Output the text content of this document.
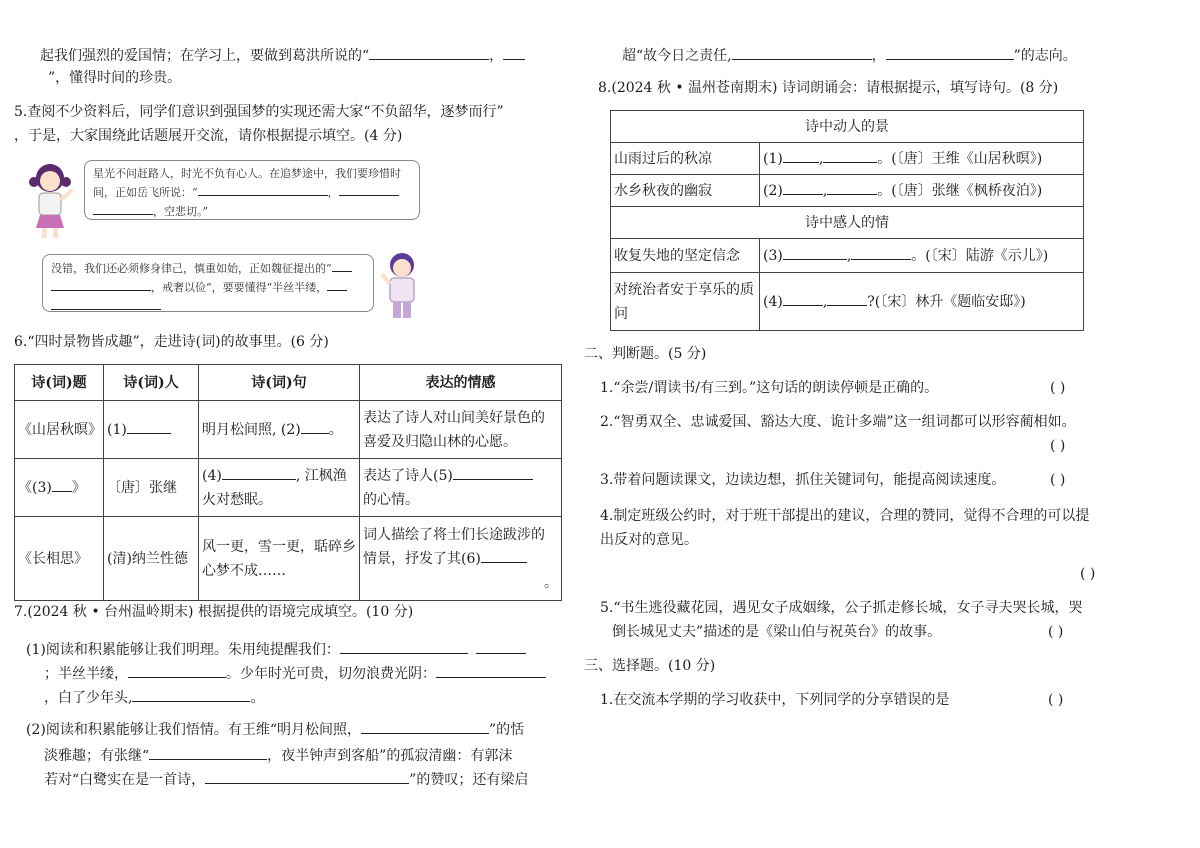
起我们强烈的爱国情；在学习上，要做到葛洪所说的“	，
”，懂得时间的珍贵。
5.查阅不少资料后，同学们意识到强国梦的实现还需大家“不负韶华，逐梦而行”
，于是，大家围绕此话题展开交流，请你根据提示填空。(4 分)
星光不问赶路人，时光不负有心人。在追梦途中，我们要珍惜时
间，正如岳飞所说：“	，
，空悲切。”
没错，我们还必须修身律己，慎重如始，正如魏征提出的“
，戒奢以俭”，要要懂得“半丝半缕，
6.“四时景物皆成趣”，走进诗(词)的故事里。(6 分)
诗(词)题	诗(词)人	诗(词)句	表达的情感
《山居秋暝》	(1)	明月松间照, (2) 。	表达了诗人对山间美好景色的喜爱及归隐山林的心愿。
《(3) 》	〔唐〕张继	(4) , 江枫渔火对愁眠。	表达了诗人(5)
的心情。
《长相思》	(清)纳兰性德	风一更，雪一更，聒碎乡心梦不成……	词人描绘了将士们长途跋涉的情景，抒发了其(6)
。
7.(2024 秋 • 台州温岭期末) 根据提供的语境完成填空。(10 分)
(1)阅读和积累能够让我们明理。朱用纯提醒我们：
；半丝半缕，	。少年时光可贵，切勿浪费光阴：
，白了少年头,	。
(2)阅读和积累能够让我们悟情。有王维“明月松间照，	”的恬
淡雅趣；有张继“	，夜半钟声到客船”的孤寂清幽：有郭沫
若对“白鹭实在是一首诗，	”的赞叹；还有梁启
超“故今日之责任,	，	”的志向。
8.(2024 秋 • 温州苍南期末) 诗词朗诵会：请根据提示，填写诗句。(8 分)
诗中动人的景	
山雨过后的秋凉	(1) , 。(〔唐〕王维《山居秋暝》)
水乡秋夜的幽寂	(2) , 。(〔唐〕张继《枫桥夜泊》)
诗中感人的情	
收复失地的坚定信念	(3) , 。(〔宋〕陆游《示儿》)
对统治者安于享乐的质问	(4) , ?(〔宋〕林升《题临安邸》)
二、判断题。(5 分)
1.“余尝/谓读书/有三到。”这句话的朗读停顿是正确的。	( )
2.“智勇双全、忠诚爱国、豁达大度、诡计多端”这一组词都可以形容蔺相如。
( )
3.带着问题读课文，边读边想，抓住关键词句，能提高阅读速度。	( )
4.制定班级公约时，对于班干部提出的建议，合理的赞同，觉得不合理的可以提
出反对的意见。
( )
5.“书生逃役藏花园，遇见女子成姻缘，公子抓走修长城，女子寻夫哭长城，哭
倒长城见丈夫”描述的是《梁山伯与祝英台》的故事。	( )
三、选择题。(10 分)
1.在交流本学期的学习收获中，下列同学的分享错误的是	( )
